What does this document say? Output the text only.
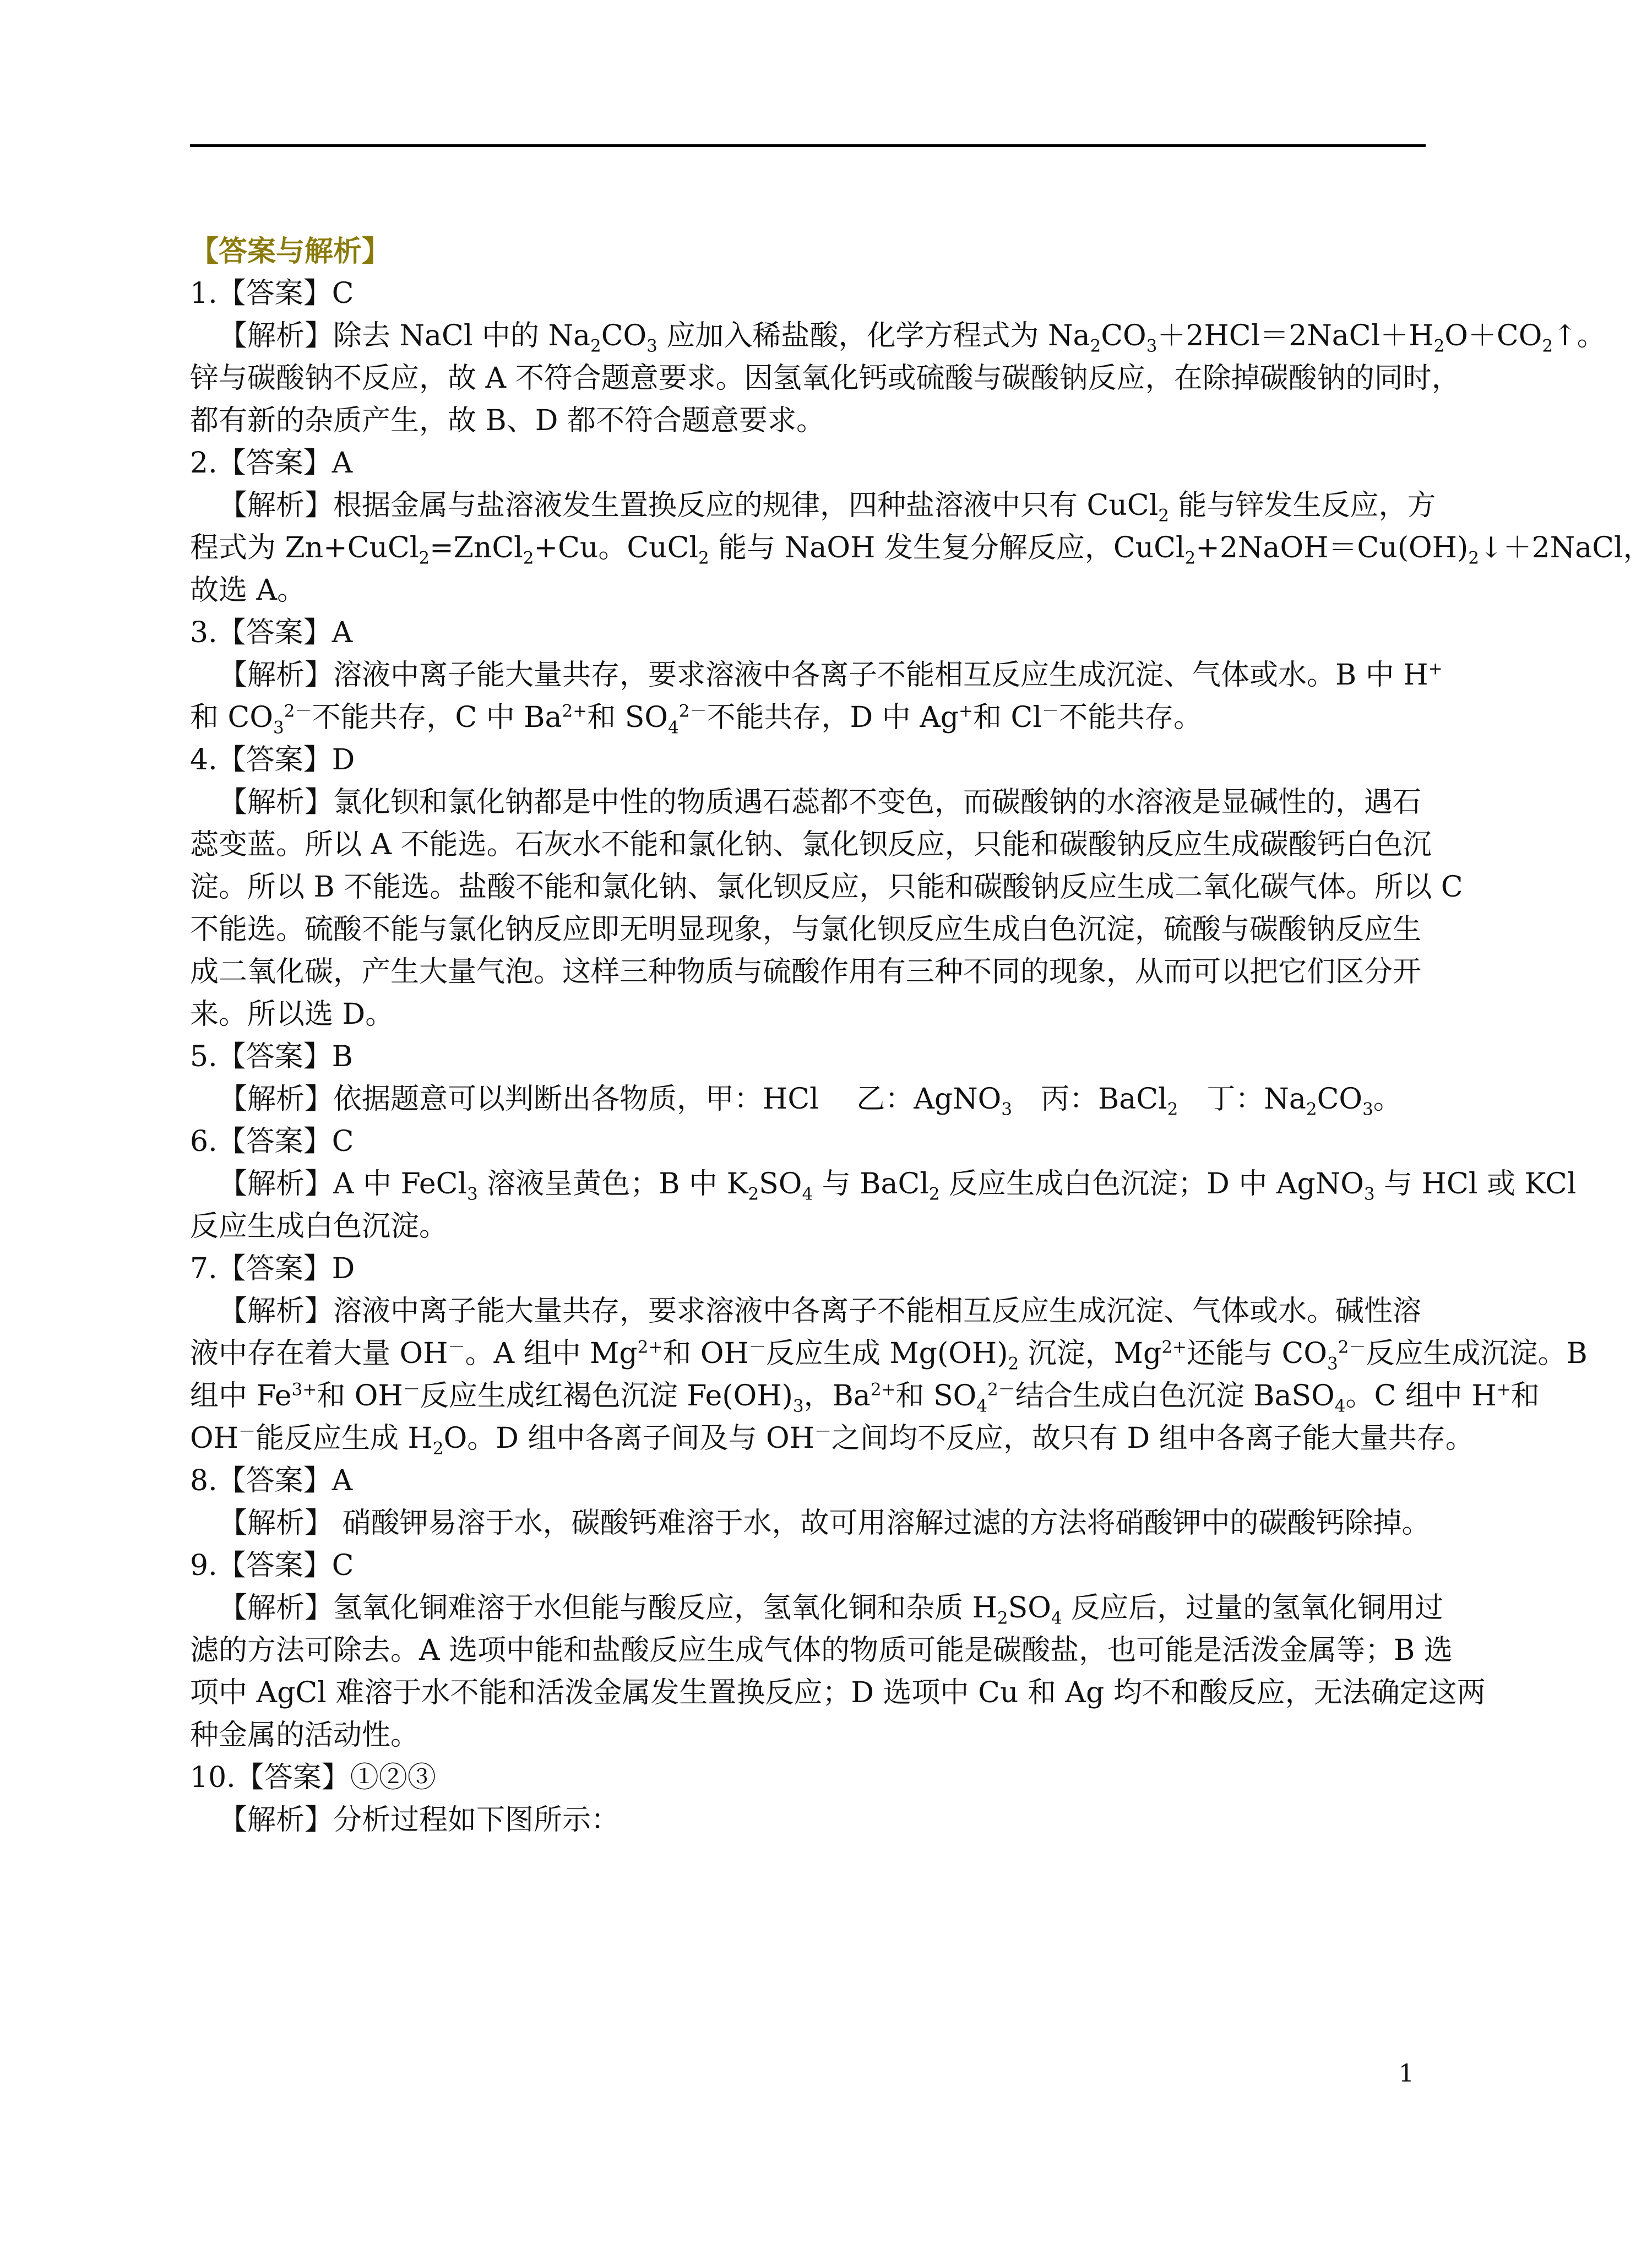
【答案与解析】
1.【答案】C
【解析】除去 NaCl 中的 $Na_2CO_3$ 应加入稀盐酸，化学方程式为 $Na_2CO_3+2HCl=2NaCl+H_2O+CO_2↑$。
锌与碳酸钠不反应，故 A 不符合题意要求。因氢氧化钙或硫酸与碳酸钠反应，在除掉碳酸钠的同时，
都有新的杂质产生，故 B、D 都不符合题意要求。
2.【答案】A
【解析】根据金属与盐溶液发生置换反应的规律，四种盐溶液中只有 CuCl$_2$ 能与锌发生反应，方
程式为 Zn+CuCl$_2$=ZnCl$_2$+Cu。CuCl$_2$ 能与 NaOH 发生复分解反应，$CuCl_2+2NaOH=Cu(OH)_2↓+2NaCl$，
故选 A。
3.【答案】A
【解析】溶液中离子能大量共存，要求溶液中各离子不能相互反应生成沉淀、气体或水。B 中 H+
和 $CO_3^{2-}$不能共存，C 中 $Ba^{2+}$和 $SO_4^{2-}$不能共存，D 中 Ag+和 Cl－不能共存。
4.【答案】D
【解析】氯化钡和氯化钠都是中性的物质遇石蕊都不变色，而碳酸钠的水溶液是显碱性的，遇石
蕊变蓝。所以 A 不能选。石灰水不能和氯化钠、氯化钡反应，只能和碳酸钠反应生成碳酸钙白色沉
淀。所以 B 不能选。盐酸不能和氯化钠、氯化钡反应，只能和碳酸钠反应生成二氧化碳气体。所以 C
不能选。硫酸不能与氯化钠反应即无明显现象，与氯化钡反应生成白色沉淀，硫酸与碳酸钠反应生
成二氧化碳，产生大量气泡。这样三种物质与硫酸作用有三种不同的现象，从而可以把它们区分开
来。所以选 D。
5.【答案】B
【解析】依据题意可以判断出各物质，甲：HCl　 乙：AgNO$_3$　丙：BaCl$_2$　丁：$Na_2CO_3$。
6.【答案】C
【解析】A 中 FeCl$_3$ 溶液呈黄色；B 中 $K_2SO_4$ 与 BaCl$_2$ 反应生成白色沉淀；D 中 AgNO$_3$ 与 HCl 或 KCl
反应生成白色沉淀。
7.【答案】D
【解析】溶液中离子能大量共存，要求溶液中各离子不能相互反应生成沉淀、气体或水。碱性溶
液中存在着大量 OH－。A 组中 $Mg^{2+}$和 OH－反应生成 $Mg(OH)_2$ 沉淀，$Mg^{2+}$还能与 $CO_3^{2-}$反应生成沉淀。B
组中 $Fe^{3+}$和 OH－反应生成红褐色沉淀 $Fe(OH)_3$，$Ba^{2+}$和 $SO_4^{2-}$结合生成白色沉淀 BaSO$_4$。C 组中 H+和
OH－能反应生成 $H_2O$。D 组中各离子间及与 OH－之间均不反应，故只有 D 组中各离子能大量共存。
8.【答案】A
【解析】 硝酸钾易溶于水，碳酸钙难溶于水，故可用溶解过滤的方法将硝酸钾中的碳酸钙除掉。
9.【答案】C
【解析】氢氧化铜难溶于水但能与酸反应，氢氧化铜和杂质 $H_2SO_4$ 反应后，过量的氢氧化铜用过
滤的方法可除去。A 选项中能和盐酸反应生成气体的物质可能是碳酸盐，也可能是活泼金属等；B 选
项中 AgCl 难溶于水不能和活泼金属发生置换反应；D 选项中 Cu 和 Ag 均不和酸反应，无法确定这两
种金属的活动性。
10.【答案】①②③
【解析】分析过程如下图所示：
1
